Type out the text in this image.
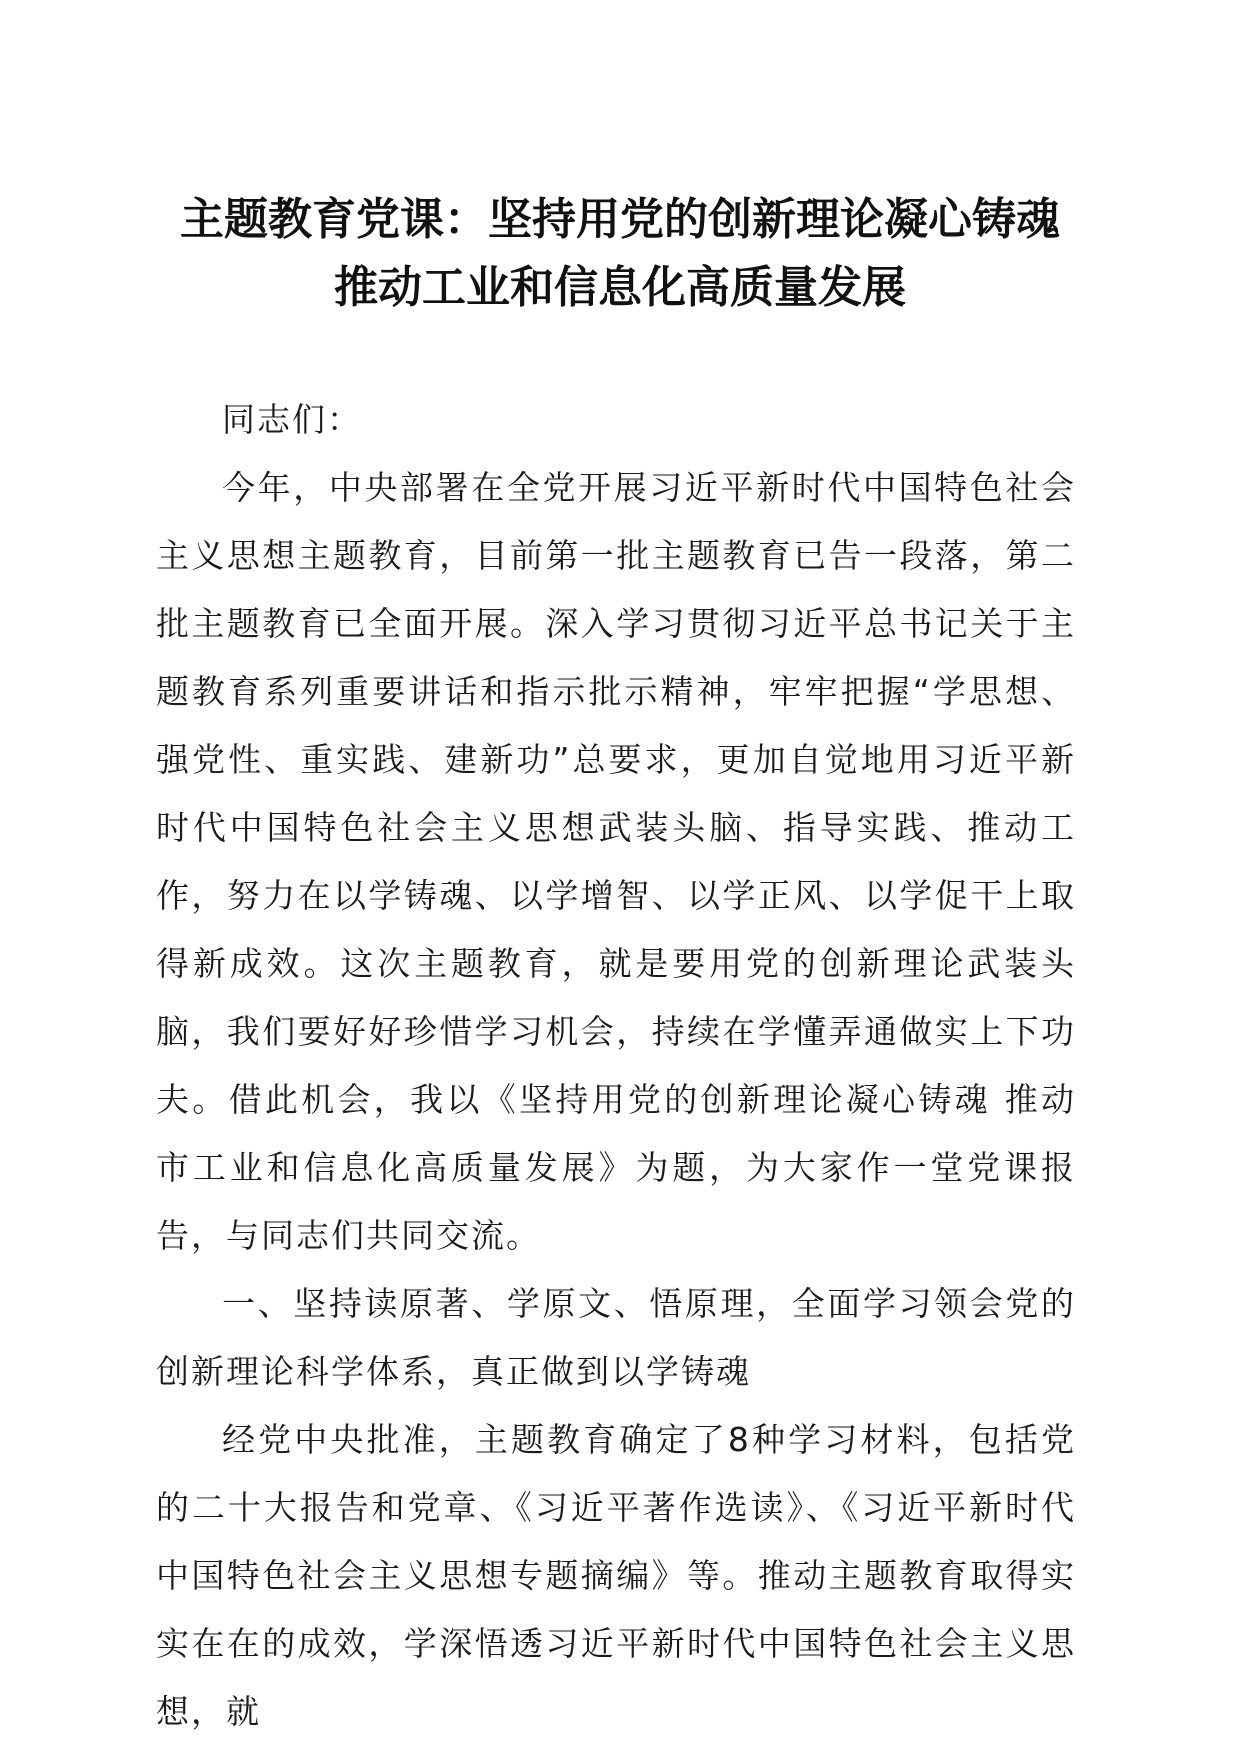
主题教育党课：坚持用党的创新理论凝心铸魂
推动工业和信息化高质量发展

同志们：

今年，中央部署在全党开展习近平新时代中国特色社会主义思想主题教育，目前第一批主题教育已告一段落，第二批主题教育已全面开展。深入学习贯彻习近平总书记关于主题教育系列重要讲话和指示批示精神，牢牢把握“学思想、强党性、重实践、建新功”总要求，更加自觉地用习近平新时代中国特色社会主义思想武装头脑、指导实践、推动工作，努力在以学铸魂、以学增智、以学正风、以学促干上取得新成效。这次主题教育，就是要用党的创新理论武装头脑，我们要好好珍惜学习机会，持续在学懂弄通做实上下功夫。借此机会，我以《坚持用党的创新理论凝心铸魂 推动市工业和信息化高质量发展》为题，为大家作一堂党课报告，与同志们共同交流。

一、坚持读原著、学原文、悟原理，全面学习领会党的创新理论科学体系，真正做到以学铸魂

经党中央批准，主题教育确定了8种学习材料，包括党的二十大报告和党章、《习近平著作选读》、《习近平新时代中国特色社会主义思想专题摘编》等。推动主题教育取得实实在在的成效，学深悟透习近平新时代中国特色社会主义思想，就
